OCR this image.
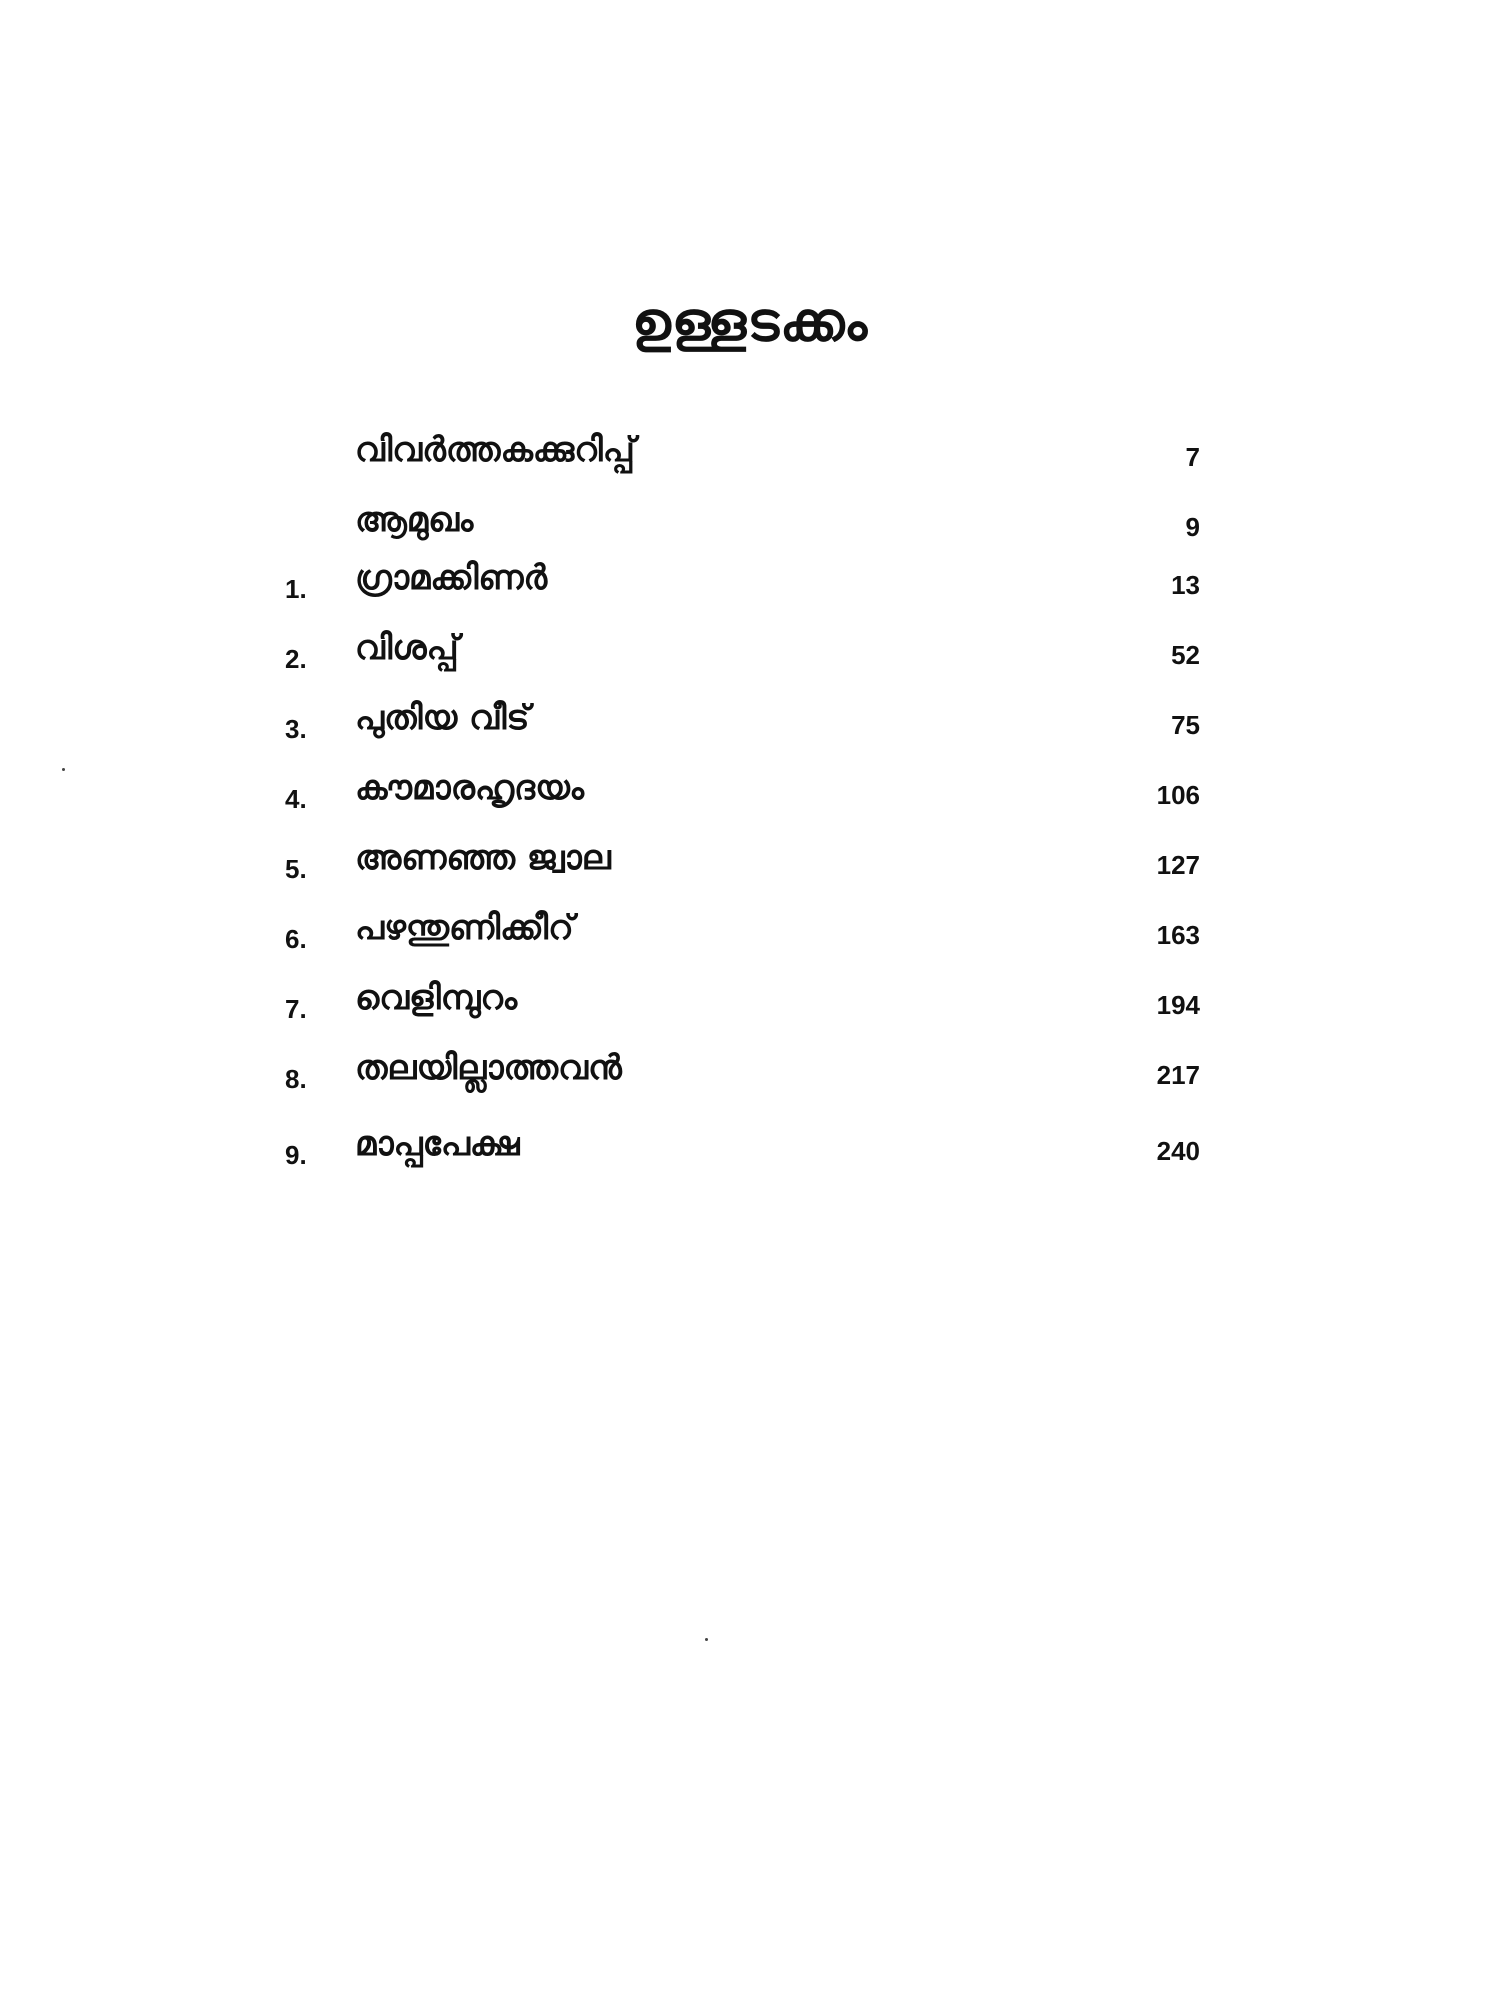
ഉള്ളടക്കം
വിവർത്തകക്കുറിപ്പ്	7
ആമുഖം	9
1.	ഗ്രാമക്കിണർ	13
2.	വിശപ്പ്	52
3.	പുതിയ വീട്	75
4.	കൗമാരഹൃദയം	106
5.	അണഞ്ഞ ജ്വാല	127
6.	പഴന്തുണിക്കീറ്	163
7.	വെളിമ്പുറം	194
8.	തലയില്ലാത്തവൻ	217
9.	മാപ്പപേക്ഷ	240
